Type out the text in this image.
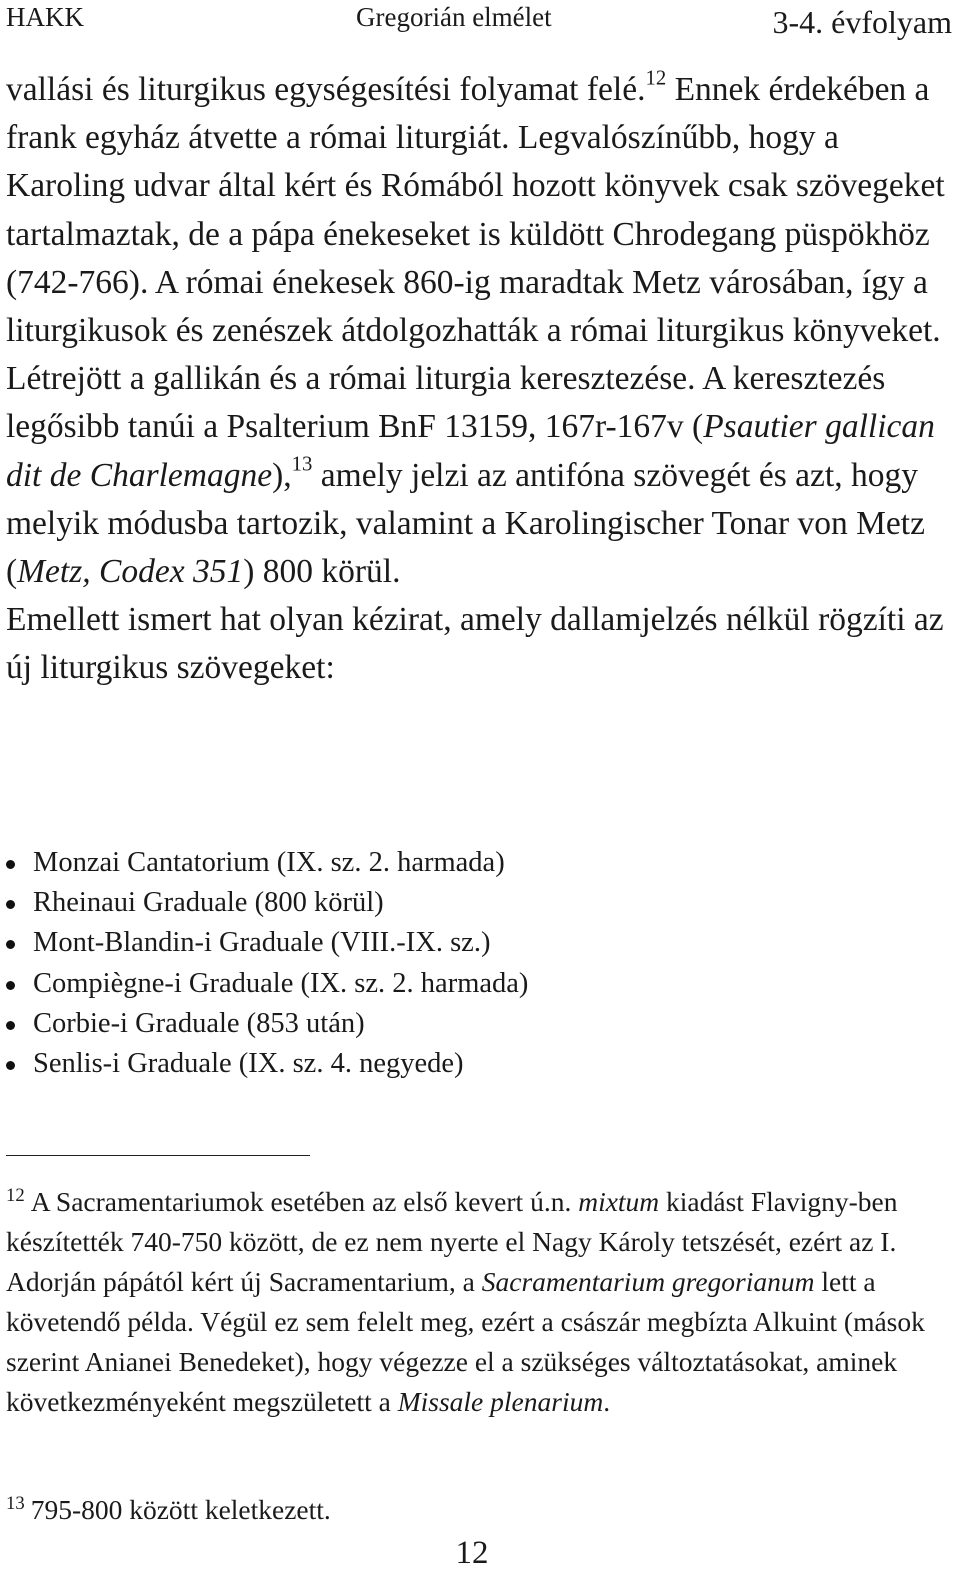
HAKK	Gregorián elmélet	3-4. évfolyam

vallási és liturgikus egységesítési folyamat felé.$^{12}$ Ennek érdekében a frank egyház átvette a római liturgiát. Legvalószínűbb, hogy a Karoling udvar által kért és Rómából hozott könyvek csak szövegeket tartalmaztak, de a pápa énekeseket is küldött Chrodegang püspökhöz (742-766). A római énekesek 860-ig maradtak Metz városában, így a liturgikusok és zenészek átdolgozhatták a római liturgikus könyveket. Létrejött a gallikán és a római liturgia keresztezése. A keresztezés legősibb tanúi a Psalterium BnF 13159, 167r-167v (Psautier gallican dit de Charlemagne),$^{13}$ amely jelzi az antifóna szövegét és azt, hogy melyik módusba tartozik, valamint a Karolingischer Tonar von Metz (Metz, Codex 351) 800 körül.

Emellett ismert hat olyan kézirat, amely dallamjelzés nélkül rögzíti az új liturgikus szövegeket:

Monzai Cantatorium (IX. sz. 2. harmada)
Rheinaui Graduale (800 körül)
Mont-Blandin-i Graduale (VIII.-IX. sz.)
Compiègne-i Graduale (IX. sz. 2. harmada)
Corbie-i Graduale (853 után)
Senlis-i Graduale (IX. sz. 4. negyede)

$^{12}$ A Sacramentariumok esetében az első kevert ú.n. mixtum kiadást Flavigny-ben készítették 740-750 között, de ez nem nyerte el Nagy Károly tetszését, ezért az I. Adorján pápától kért új Sacramentarium, a Sacramentarium gregorianum lett a követendő példa. Végül ez sem felelt meg, ezért a császár megbízta Alkuint (mások szerint Anianei Benedeket), hogy végezze el a szükséges változtatásokat, aminek következményeként megszületett a Missale plenarium.

$^{13}$ 795-800 között keletkezett.

12
